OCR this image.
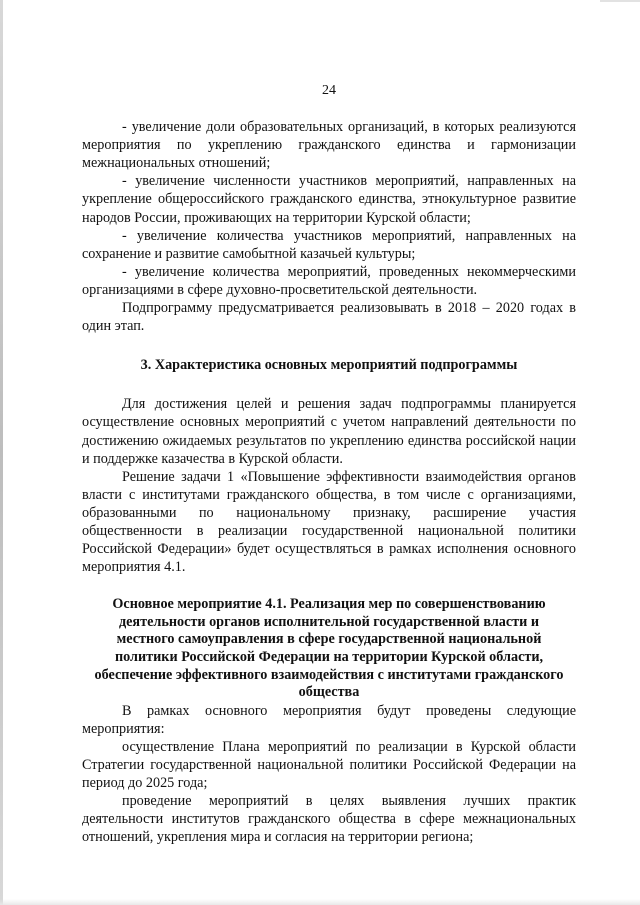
24

- увеличение доли образовательных организаций, в которых реализуются мероприятия по укреплению гражданского единства и гармонизации межнациональных отношений;

- увеличение численности участников мероприятий, направленных на укрепление общероссийского гражданского единства, этнокультурное развитие народов России, проживающих на территории Курской области;

- увеличение количества участников мероприятий, направленных на сохранение и развитие самобытной казачьей культуры;

- увеличение количества мероприятий, проведенных некоммерческими организациями в сфере духовно-просветительской деятельности.

Подпрограмму предусматривается реализовывать в 2018 – 2020 годах в один этап.

3. Характеристика основных мероприятий подпрограммы

Для достижения целей и решения задач подпрограммы планируется осуществление основных мероприятий с учетом направлений деятельности по достижению ожидаемых результатов по укреплению единства российской нации и поддержке казачества в Курской области.

Решение задачи 1 «Повышение эффективности взаимодействия органов власти с институтами гражданского общества, в том числе с организациями, образованными по национальному признаку, расширение участия общественности в реализации государственной национальной политики Российской Федерации» будет осуществляться в рамках исполнения основного мероприятия 4.1.

Основное мероприятие 4.1. Реализация мер по совершенствованию деятельности органов исполнительной государственной власти и местного самоуправления в сфере государственной национальной политики Российской Федерации на территории Курской области, обеспечение эффективного взаимодействия с институтами гражданского общества

В рамках основного мероприятия будут проведены следующие мероприятия:

осуществление Плана мероприятий по реализации в Курской области Стратегии государственной национальной политики Российской Федерации на период до 2025 года;

проведение мероприятий в целях выявления лучших практик деятельности институтов гражданского общества в сфере межнациональных отношений, укрепления мира и согласия на территории региона;
